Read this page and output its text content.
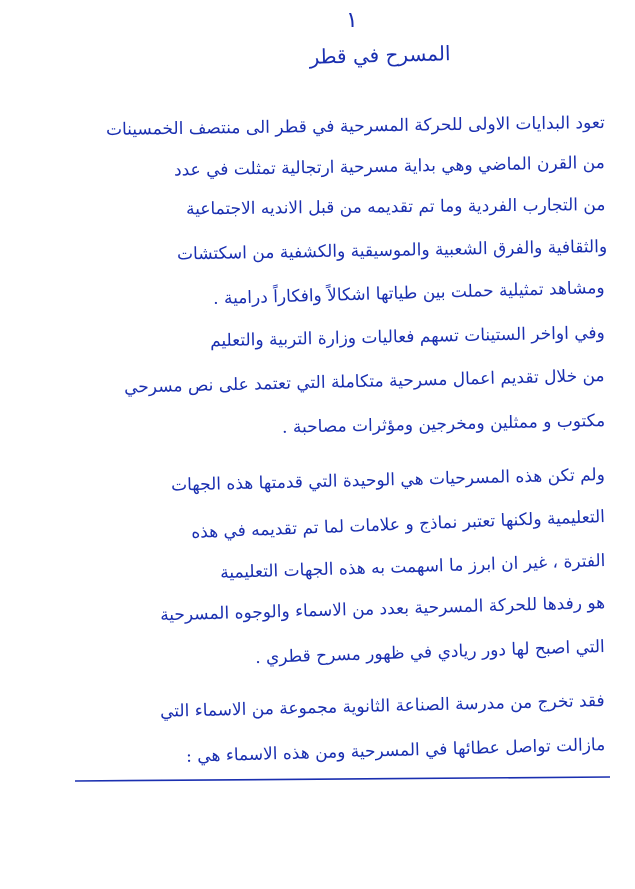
١
المسرح في قطر
تعود البدايات الاولى للحركة المسرحية في قطر الى منتصف الخمسينات
من القرن الماضي وهي بداية مسرحية ارتجالية تمثلت في عدد
من التجارب الفردية وما تم تقديمه من قبل الانديه الاجتماعية
والثقافية والفرق الشعبية والموسيقية والكشفية من اسكتشات
ومشاهد تمثيلية حملت بين طياتها اشكالاً وافكاراً درامية .
وفي اواخر الستينات تسهم فعاليات وزارة التربية والتعليم
من خلال تقديم اعمال مسرحية متكاملة التي تعتمد على نص مسرحي
مكتوب و ممثلين ومخرجين ومؤثرات مصاحبة .
ولم تكن هذه المسرحيات هي الوحيدة التي قدمتها هذه الجهات
التعليمية ولكنها تعتبر نماذج و علامات لما تم تقديمه في هذه
الفترة ، غير ان ابرز ما اسهمت به هذه الجهات التعليمية
هو رفدها للحركة المسرحية بعدد من الاسماء والوجوه المسرحية
التي اصبح لها دور ريادي في ظهور مسرح قطري .
فقد تخرج من مدرسة الصناعة الثانوية مجموعة من الاسماء التي
مازالت تواصل عطائها في المسرحية ومن هذه الاسماء هي :
